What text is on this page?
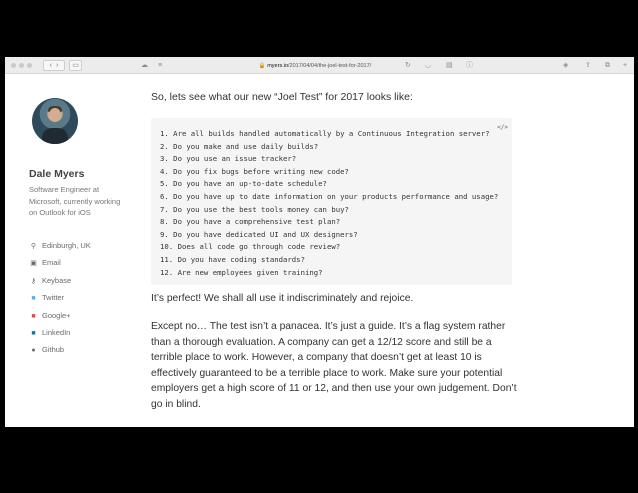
‹ ›	▭	☁ ≡	🔒 myers.io/2017/04/04/the-joel-test-for-2017/	↻ ◡ ▤ ⓘ	◈ ⇪ ⧉ +
Dale Myers
Software Engineer at Microsoft, currently working on Outlook for iOS
⚲ Edinburgh, UK
▣ Email
⚷ Keybase
■ Twitter
■ Google+
■ LinkedIn
● Github
So, lets see what our new “Joel Test” for 2017 looks like:
</>
1. Are all builds handled automatically by a Continuous Integration server?
2. Do you make and use daily builds?
3. Do you use an issue tracker?
4. Do you fix bugs before writing new code?
5. Do you have an up-to-date schedule?
6. Do you have up to date information on your products performance and usage?
7. Do you use the best tools money can buy?
8. Do you have a comprehensive test plan?
9. Do you have dedicated UI and UX designers?
10. Does all code go through code review?
11. Do you have coding standards?
12. Are new employees given training?
It’s perfect! We shall all use it indiscriminately and rejoice.
Except no… The test isn’t a panacea. It’s just a guide. It’s a flag system rather than a thorough evaluation. A company can get a 12/12 score and still be a terrible place to work. However, a company that doesn’t get at least 10 is effectively guaranteed to be a terrible place to work. Make sure your potential employers get a high score of 11 or 12, and then use your own judgement. Don’t go in blind.
